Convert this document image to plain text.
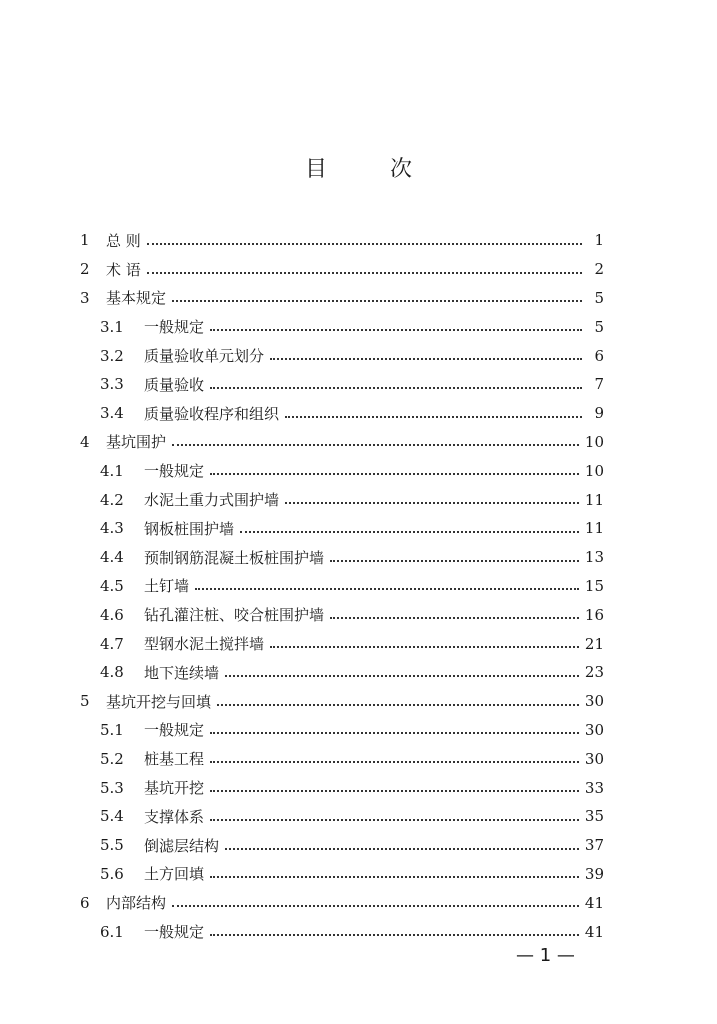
目 次
1	总 则	1
2	术 语	2
3	基本规定	5
3.1	一般规定	5
3.2	质量验收单元划分	6
3.3	质量验收	7
3.4	质量验收程序和组织	9
4	基坑围护	10
4.1	一般规定	10
4.2	水泥土重力式围护墙	11
4.3	钢板桩围护墙	11
4.4	预制钢筋混凝土板桩围护墙	13
4.5	土钉墙	15
4.6	钻孔灌注桩、咬合桩围护墙	16
4.7	型钢水泥土搅拌墙	21
4.8	地下连续墙	23
5	基坑开挖与回填	30
5.1	一般规定	30
5.2	桩基工程	30
5.3	基坑开挖	33
5.4	支撑体系	35
5.5	倒滤层结构	37
5.6	土方回填	39
6	内部结构	41
6.1	一般规定	41
— 1 —
